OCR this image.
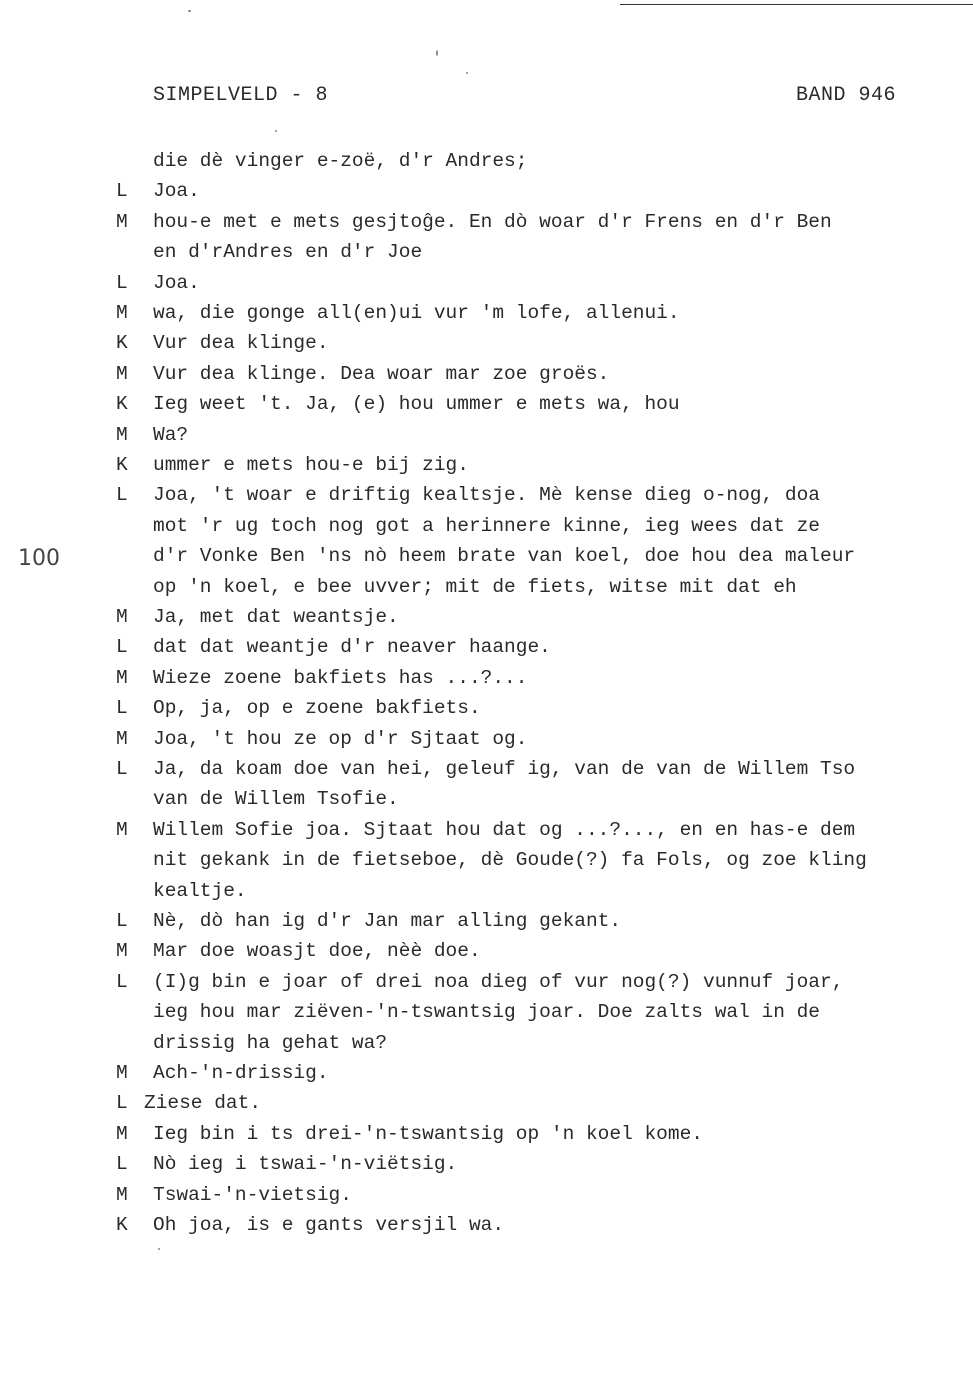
SIMPELVELD - 8	BAND 946
100
die dè vinger e-zoë, d'r Andres;
L	Joa.
M	hou-e met e mets gesjtoĝe. En dò woar d'r Frens en d'r Ben
en d'rAndres en d'r Joe
L	Joa.
M	wa, die gonge all(en)ui vur 'm lofe, allenui.
K	Vur dea klinge.
M	Vur dea klinge. Dea woar mar zoe groës.
K	Ieg weet 't. Ja, (e) hou ummer e mets wa, hou
M	Wa?
K	ummer e mets hou-e bij zig.
L	Joa, 't woar e driftig kealtsje. Mè kense dieg o-nog, doa
mot 'r ug toch nog got a herinnere kinne, ieg wees dat ze
d'r Vonke Ben 'ns nò heem brate van koel, doe hou dea maleur
op 'n koel, e bee uvver; mit de fiets, witse mit dat eh
M	Ja, met dat weantsje.
L	dat dat weantje d'r neaver haange.
M	Wieze zoene bakfiets has ...?...
L	Op, ja, op e zoene bakfiets.
M	Joa, 't hou ze op d'r Sjtaat og.
L	Ja, da koam doe van hei, geleuf ig, van de van de Willem Tso
van de Willem Tsofie.
M	Willem Sofie joa. Sjtaat hou dat og ...?..., en en has-e dem
nit gekank in de fietseboe, dè Goude(?) fa Fols, og zoe kling
kealtje.
L	Nè, dò han ig d'r Jan mar alling gekant.
M	Mar doe woasjt doe, nèè doe.
L	(I)g bin e joar of drei noa dieg of vur nog(?) vunnuf joar,
ieg hou mar ziëven-'n-tswantsig joar. Doe zalts wal in de
drissig ha gehat wa?
M	Ach-'n-drissig.
L Ziese dat.
M	Ieg bin i ts drei-'n-tswantsig op 'n koel kome.
L	Nò ieg i tswai-'n-viëtsig.
M	Tswai-'n-vietsig.
K	Oh joa, is e gants versjil wa.
